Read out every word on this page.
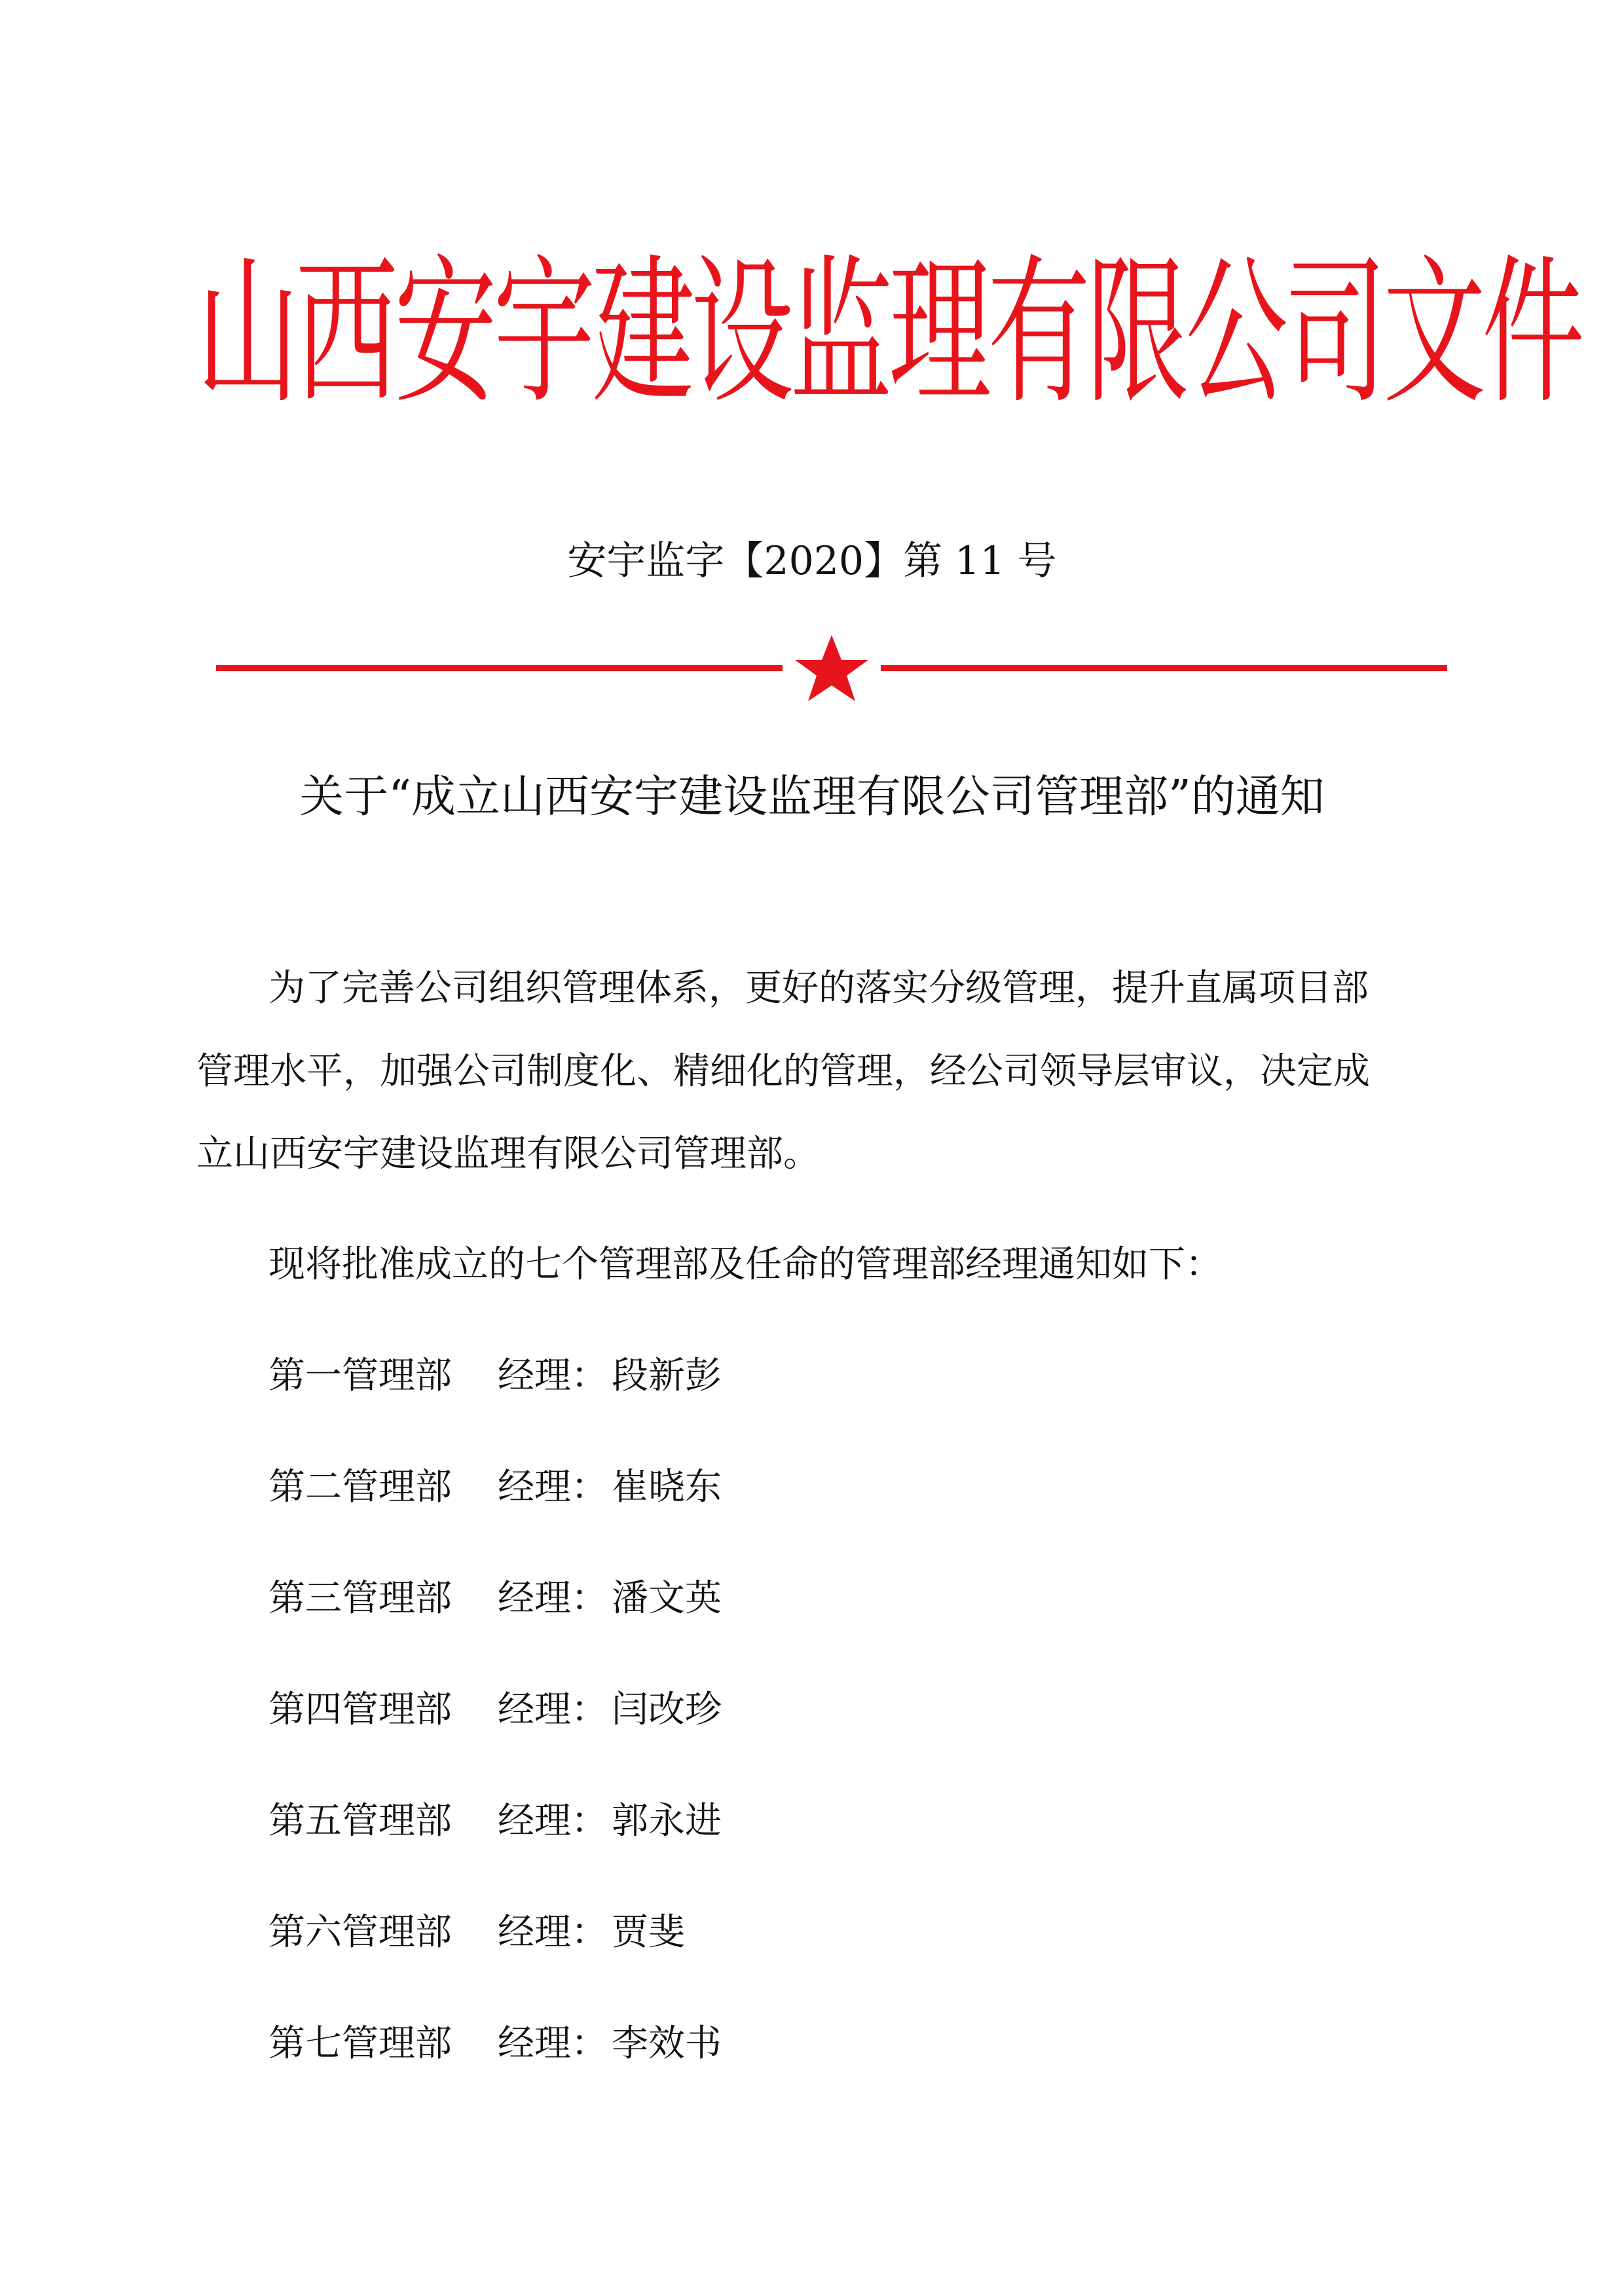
山西安宇建设监理有限公司文件
安宇监字【2020】第 11 号
关于“成立山西安宇建设监理有限公司管理部”的通知

为了完善公司组织管理体系，更好的落实分级管理，提升直属项目部

管理水平，加强公司制度化、精细化的管理，经公司领导层审议，决定成

立山西安宇建设监理有限公司管理部。

现将批准成立的七个管理部及任命的管理部经理通知如下：

第一管理部 经理： 段新彭
第二管理部 经理： 崔晓东
第三管理部 经理： 潘文英
第四管理部 经理： 闫改珍
第五管理部 经理： 郭永进
第六管理部 经理： 贾斐
第七管理部 经理： 李效书
